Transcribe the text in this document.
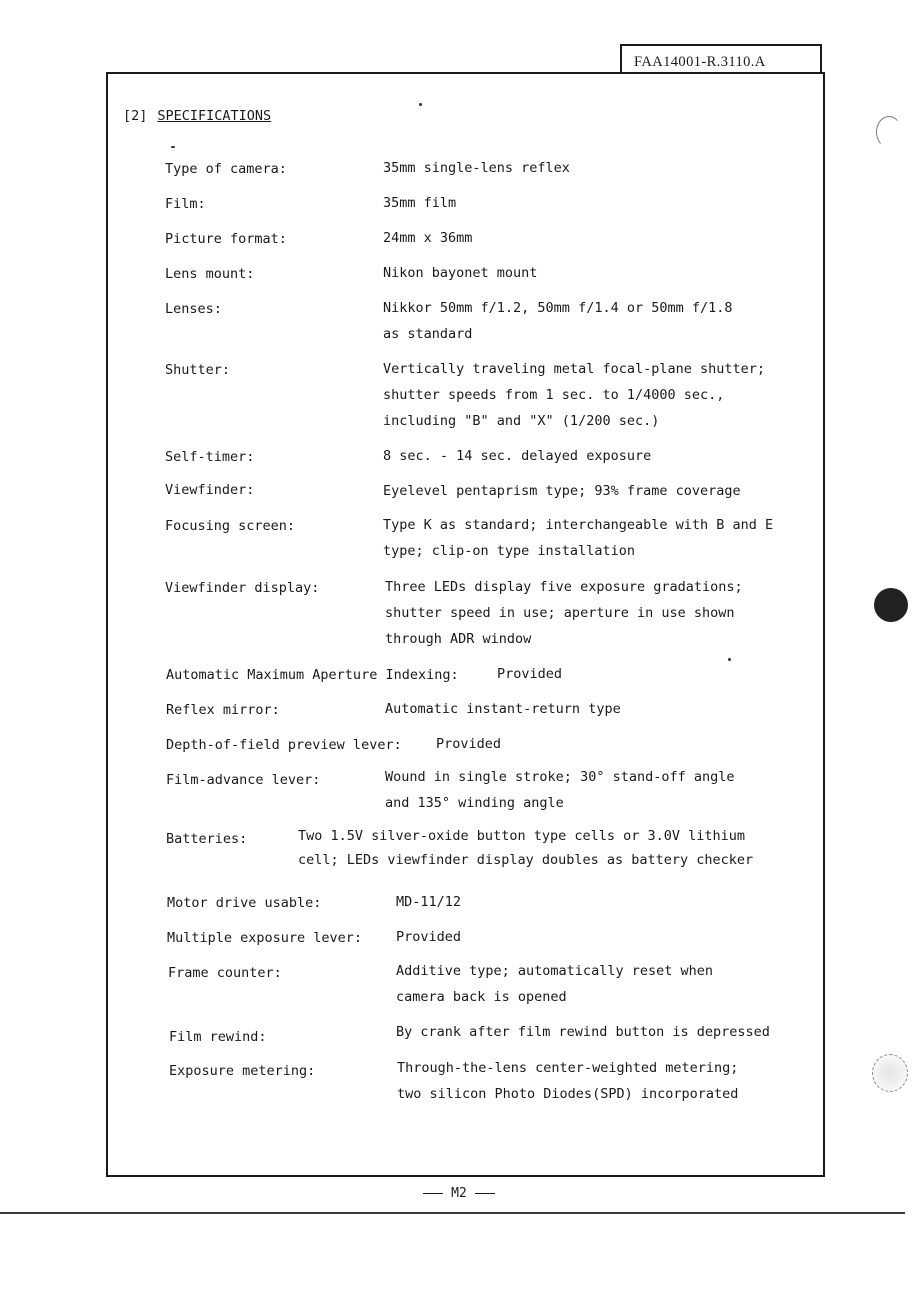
FAA14001-R.3110.A
[2] SPECIFICATIONS
Type of camera:	35mm single-lens reflex
Film:	35mm film
Picture format:	24mm x 36mm
Lens mount:	Nikon bayonet mount
Lenses:	Nikkor 50mm f/1.2, 50mm f/1.4 or 50mm f/1.8
as standard
Shutter:	Vertically traveling metal focal-plane shutter;
shutter speeds from 1 sec. to 1/4000 sec.,
including "B" and "X" (1/200 sec.)
Self-timer:	8 sec. - 14 sec. delayed exposure
Viewfinder:	Eyelevel pentaprism type; 93% frame coverage
Focusing screen:	Type K as standard; interchangeable with B and E
type; clip-on type installation
Viewfinder display:	Three LEDs display five exposure gradations;
shutter speed in use; aperture in use shown
through ADR window
Automatic Maximum Aperture Indexing:	Provided
Reflex mirror:	Automatic instant-return type
Depth-of-field preview lever:	Provided
Film-advance lever:	Wound in single stroke; 30° stand-off angle
and 135° winding angle
Batteries:	Two 1.5V silver-oxide button type cells or 3.0V lithium
cell; LEDs viewfinder display doubles as battery checker
Motor drive usable:	MD-11/12
Multiple exposure lever:	Provided
Frame counter:	Additive type; automatically reset when
camera back is opened
Film rewind:	By crank after film rewind button is depressed
Exposure metering:	Through-the-lens center-weighted metering;
two silicon Photo Diodes(SPD) incorporated
M2
